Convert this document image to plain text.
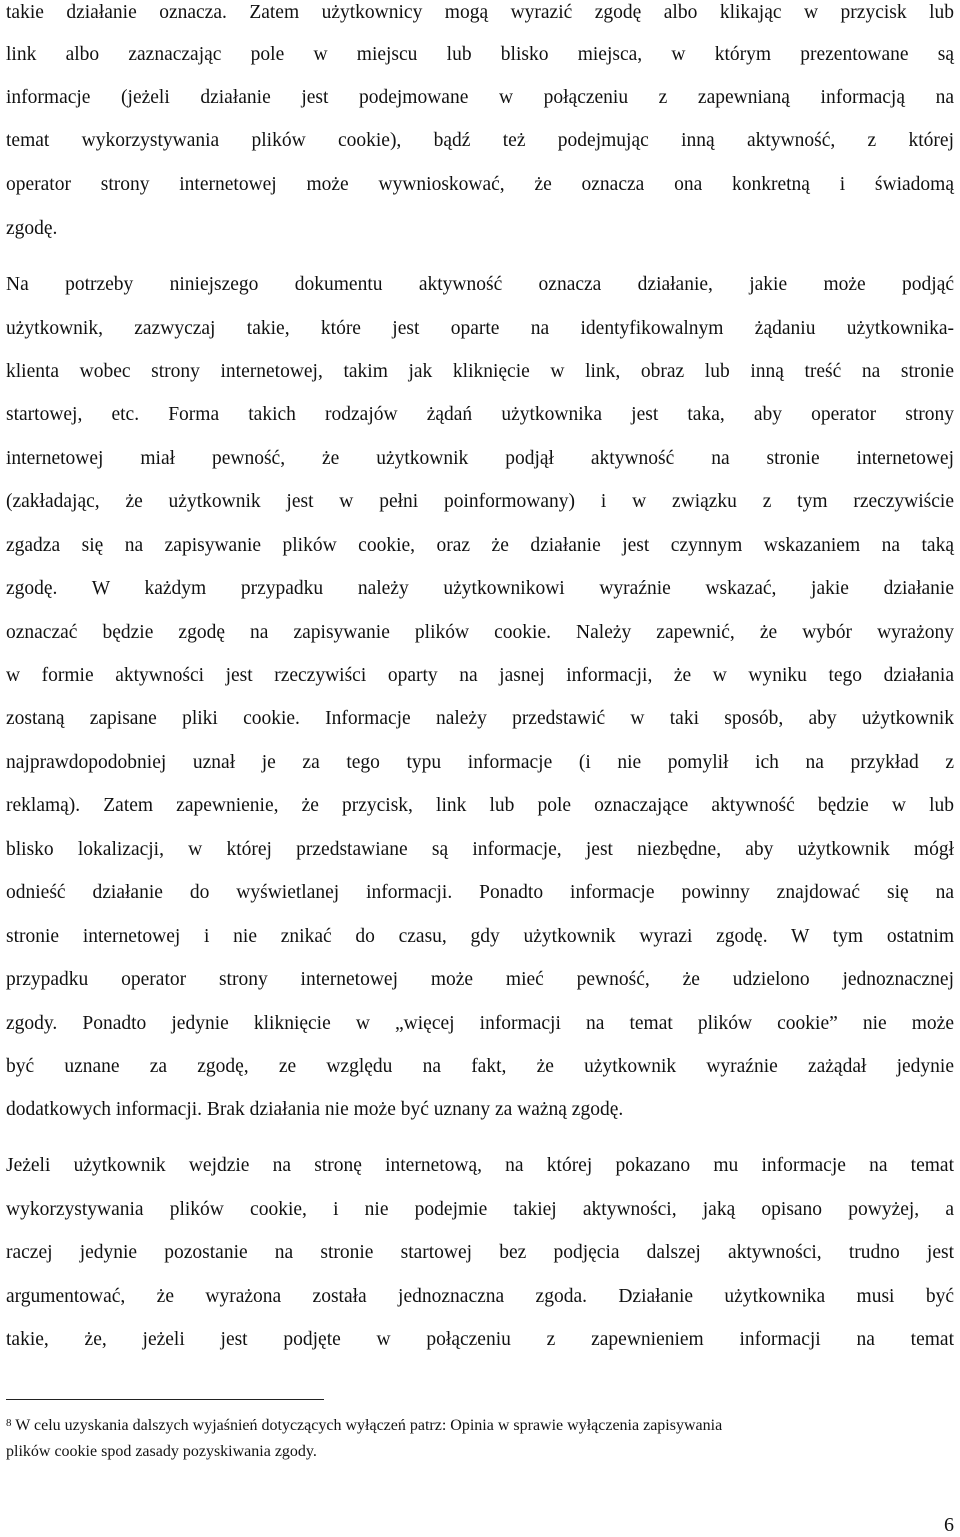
takie działanie oznacza. Zatem użytkownicy mogą wyrazić zgodę albo klikając w przycisk lub
link albo zaznaczając pole w miejscu lub blisko miejsca, w którym prezentowane są
informacje (jeżeli działanie jest podejmowane w połączeniu z zapewnianą informacją na
temat wykorzystywania plików cookie), bądź też podejmując inną aktywność, z której
operator strony internetowej może wywnioskować, że oznacza ona konkretną i świadomą
zgodę.
Na potrzeby niniejszego dokumentu aktywność oznacza działanie, jakie może podjąć
użytkownik, zazwyczaj takie, które jest oparte na identyfikowalnym żądaniu użytkownika-
klienta wobec strony internetowej, takim jak kliknięcie w link, obraz lub inną treść na stronie
startowej, etc. Forma takich rodzajów żądań użytkownika jest taka, aby operator strony
internetowej miał pewność, że użytkownik podjął aktywność na stronie internetowej
(zakładając, że użytkownik jest w pełni poinformowany) i w związku z tym rzeczywiście
zgadza się na zapisywanie plików cookie, oraz że działanie jest czynnym wskazaniem na taką
zgodę. W każdym przypadku należy użytkownikowi wyraźnie wskazać, jakie działanie
oznaczać będzie zgodę na zapisywanie plików cookie. Należy zapewnić, że wybór wyrażony
w formie aktywności jest rzeczywiści oparty na jasnej informacji, że w wyniku tego działania
zostaną zapisane pliki cookie. Informacje należy przedstawić w taki sposób, aby użytkownik
najprawdopodobniej uznał je za tego typu informacje (i nie pomylił ich na przykład z
reklamą). Zatem zapewnienie, że przycisk, link lub pole oznaczające aktywność będzie w lub
blisko lokalizacji, w której przedstawiane są informacje, jest niezbędne, aby użytkownik mógł
odnieść działanie do wyświetlanej informacji. Ponadto informacje powinny znajdować się na
stronie internetowej i nie znikać do czasu, gdy użytkownik wyrazi zgodę. W tym ostatnim
przypadku operator strony internetowej może mieć pewność, że udzielono jednoznacznej
zgody. Ponadto jedynie kliknięcie w „więcej informacji na temat plików cookie” nie może
być uznane za zgodę, ze względu na fakt, że użytkownik wyraźnie zażądał jedynie
dodatkowych informacji. Brak działania nie może być uznany za ważną zgodę.
Jeżeli użytkownik wejdzie na stronę internetową, na której pokazano mu informacje na temat
wykorzystywania plików cookie, i nie podejmie takiej aktywności, jaką opisano powyżej, a
raczej jedynie pozostanie na stronie startowej bez podjęcia dalszej aktywności, trudno jest
argumentować, że wyrażona została jednoznaczna zgoda. Działanie użytkownika musi być
takie, że, jeżeli jest podjęte w połączeniu z zapewnieniem informacji na temat
$^8$ W celu uzyskania dalszych wyjaśnień dotyczących wyłączeń patrz: Opinia w sprawie wyłączenia zapisywania
plików cookie spod zasady pozyskiwania zgody.
6
